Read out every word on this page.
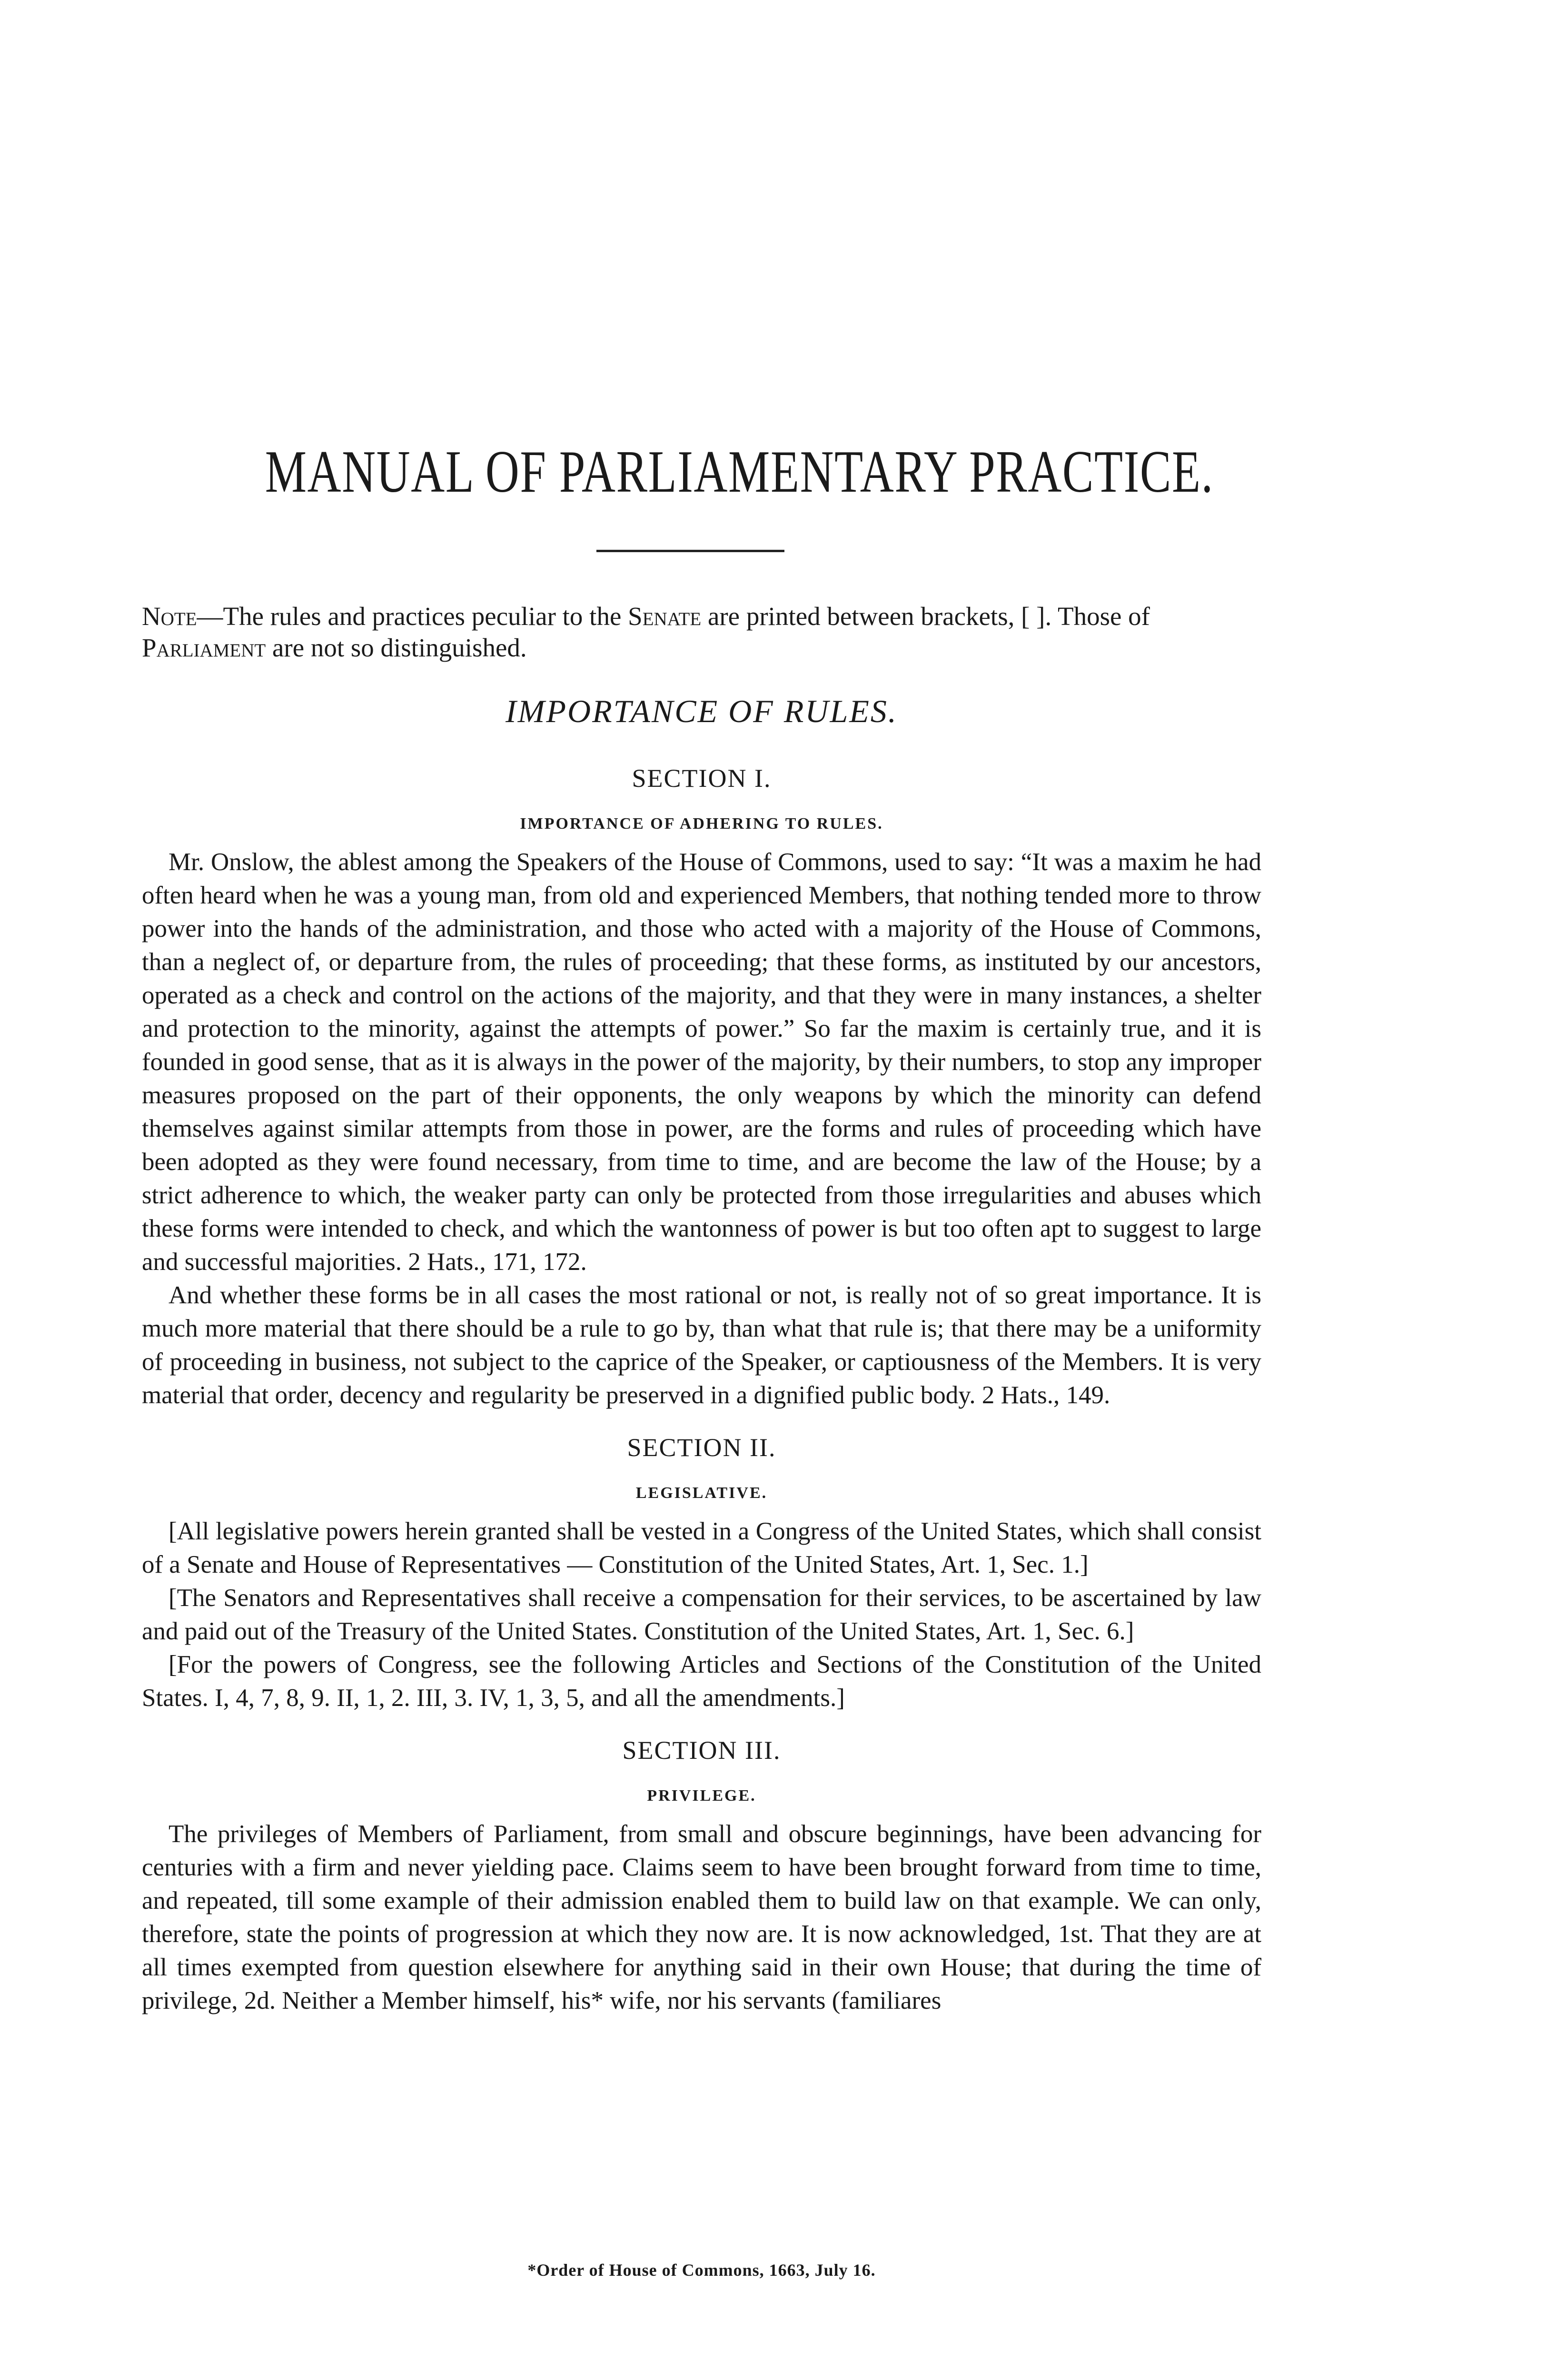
MANUAL OF PARLIAMENTARY PRACTICE.

Note—The rules and practices peculiar to the Senate are printed between brackets, [ ]. Those of Parliament are not so distinguished.

IMPORTANCE OF RULES.
SECTION I.
IMPORTANCE OF ADHERING TO RULES.

Mr. Onslow, the ablest among the Speakers of the House of Commons, used to say: “It was a maxim he had often heard when he was a young man, from old and experienced Members, that nothing tended more to throw power into the hands of the administration, and those who acted with a majority of the House of Commons, than a neglect of, or departure from, the rules of proceeding; that these forms, as instituted by our ancestors, operated as a check and control on the actions of the majority, and that they were in many instances, a shelter and protection to the minority, against the attempts of power.” So far the maxim is certainly true, and it is founded in good sense, that as it is always in the power of the majority, by their numbers, to stop any improper measures proposed on the part of their opponents, the only weapons by which the minority can defend themselves against similar attempts from those in power, are the forms and rules of proceeding which have been adopted as they were found necessary, from time to time, and are become the law of the House; by a strict adherence to which, the weaker party can only be protected from those irregularities and abuses which these forms were intended to check, and which the wantonness of power is but too often apt to suggest to large and successful majorities. 2 Hats., 171, 172.

And whether these forms be in all cases the most rational or not, is really not of so great importance. It is much more material that there should be a rule to go by, than what that rule is; that there may be a uniformity of proceeding in business, not subject to the caprice of the Speaker, or captiousness of the Members. It is very material that order, decency and regularity be preserved in a dignified public body. 2 Hats., 149.

SECTION II.
LEGISLATIVE.

[All legislative powers herein granted shall be vested in a Congress of the United States, which shall consist of a Senate and House of Representatives — Constitution of the United States, Art. 1, Sec. 1.]

[The Senators and Representatives shall receive a compensation for their services, to be ascertained by law and paid out of the Treasury of the United States. Constitution of the United States, Art. 1, Sec. 6.]

[For the powers of Congress, see the following Articles and Sections of the Constitution of the United States. I, 4, 7, 8, 9. II, 1, 2. III, 3. IV, 1, 3, 5, and all the amendments.]

SECTION III.
PRIVILEGE.

The privileges of Members of Parliament, from small and obscure beginnings, have been advancing for centuries with a firm and never yielding pace. Claims seem to have been brought forward from time to time, and repeated, till some example of their admission enabled them to build law on that example. We can only, therefore, state the points of progression at which they now are. It is now acknowledged, 1st. That they are at all times exempted from question elsewhere for anything said in their own House; that during the time of privilege, 2d. Neither a Member himself, his* wife, nor his servants (familiares

*Order of House of Commons, 1663, July 16.
